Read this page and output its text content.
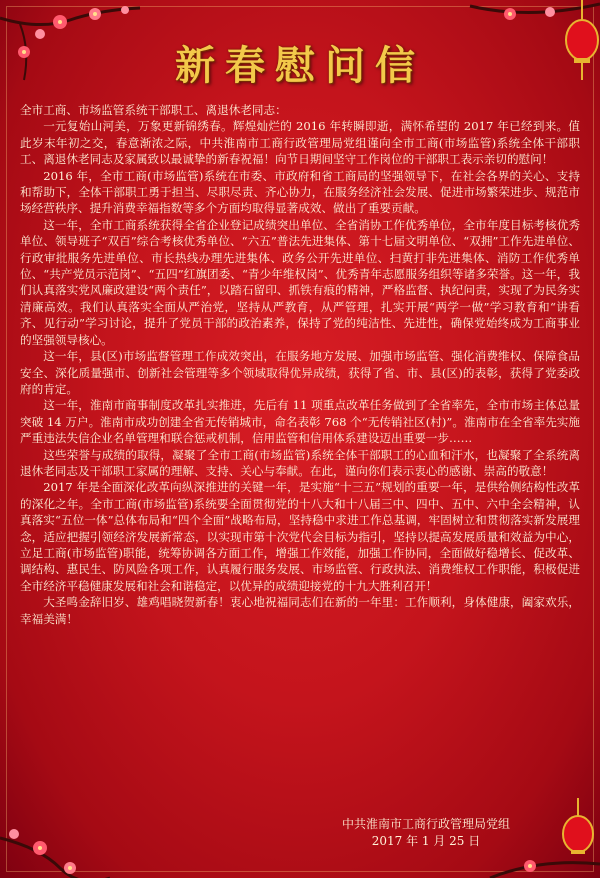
新春慰问信

全市工商、市场监管系统干部职工、离退休老同志：

一元复始山河美，万象更新锦绣春。辉煌灿烂的 2016 年转瞬即逝，满怀希望的 2017 年已经到来。值此岁末年初之交，春意渐浓之际，中共淮南市工商行政管理局党组谨向全市工商(市场监管)系统全体干部职工、离退休老同志及家属致以最诚挚的新春祝福！向节日期间坚守工作岗位的干部职工表示亲切的慰问！

2016 年，全市工商(市场监管)系统在市委、市政府和省工商局的坚强领导下，在社会各界的关心、支持和帮助下，全体干部职工勇于担当、尽职尽责、齐心协力，在服务经济社会发展、促进市场繁荣进步、规范市场经营秩序、提升消费幸福指数等多个方面均取得显著成效、做出了重要贡献。

这一年，全市工商系统获得全省企业登记成绩突出单位、全省消协工作优秀单位，全市年度目标考核优秀单位、领导班子“双百”综合考核优秀单位、“六五”普法先进集体、第十七届文明单位、“双拥”工作先进单位、行政审批服务先进单位、市长热线办理先进集体、政务公开先进单位、扫黄打非先进集体、消防工作优秀单位、“共产党员示范岗”、“五四”红旗团委、“青少年维权岗”、优秀青年志愿服务组织等诸多荣誉。这一年，我们认真落实党风廉政建设“两个责任”，以踏石留印、抓铁有痕的精神，严格监督、执纪问责，实现了为民务实清廉高效。我们认真落实全面从严治党，坚持从严教育，从严管理，扎实开展“两学一做”学习教育和“讲看齐、见行动”学习讨论，提升了党员干部的政治素养，保持了党的纯洁性、先进性，确保党始终成为工商事业的坚强领导核心。

这一年，县(区)市场监督管理工作成效突出，在服务地方发展、加强市场监管、强化消费维权、保障食品安全、深化质量强市、创新社会管理等多个领域取得优异成绩，获得了省、市、县(区)的表彰，获得了党委政府的肯定。

这一年，淮南市商事制度改革扎实推进，先后有 11 项重点改革任务做到了全省率先，全市市场主体总量突破 14 万户。淮南市成功创建全省无传销城市，命名表彰 768 个“无传销社区(村)”。淮南市在全省率先实施严重违法失信企业名单管理和联合惩戒机制，信用监管和信用体系建设迈出重要一步……

这些荣誉与成绩的取得，凝聚了全市工商(市场监管)系统全体干部职工的心血和汗水，也凝聚了全系统离退休老同志及干部职工家属的理解、支持、关心与奉献。在此，谨向你们表示衷心的感谢、崇高的敬意！

2017 年是全面深化改革向纵深推进的关键一年，是实施“十三五”规划的重要一年，是供给侧结构性改革的深化之年。全市工商(市场监管)系统要全面贯彻党的十八大和十八届三中、四中、五中、六中全会精神，认真落实“五位一体”总体布局和“四个全面”战略布局，坚持稳中求进工作总基调，牢固树立和贯彻落实新发展理念，适应把握引领经济发展新常态，以实现市第十次党代会目标为指引，坚持以提高发展质量和效益为中心，立足工商(市场监管)职能，统筹协调各方面工作，增强工作效能，加强工作协同，全面做好稳增长、促改革、调结构、惠民生、防风险各项工作，认真履行服务发展、市场监管、行政执法、消费维权工作职能，积极促进全市经济平稳健康发展和社会和谐稳定，以优异的成绩迎接党的十九大胜利召开！

大圣鸣金辞旧岁、雄鸡唱晓贺新春！衷心地祝福同志们在新的一年里：工作顺利，身体健康，阖家欢乐，幸福美满！

中共淮南市工商行政管理局党组
2017 年 1 月 25 日
